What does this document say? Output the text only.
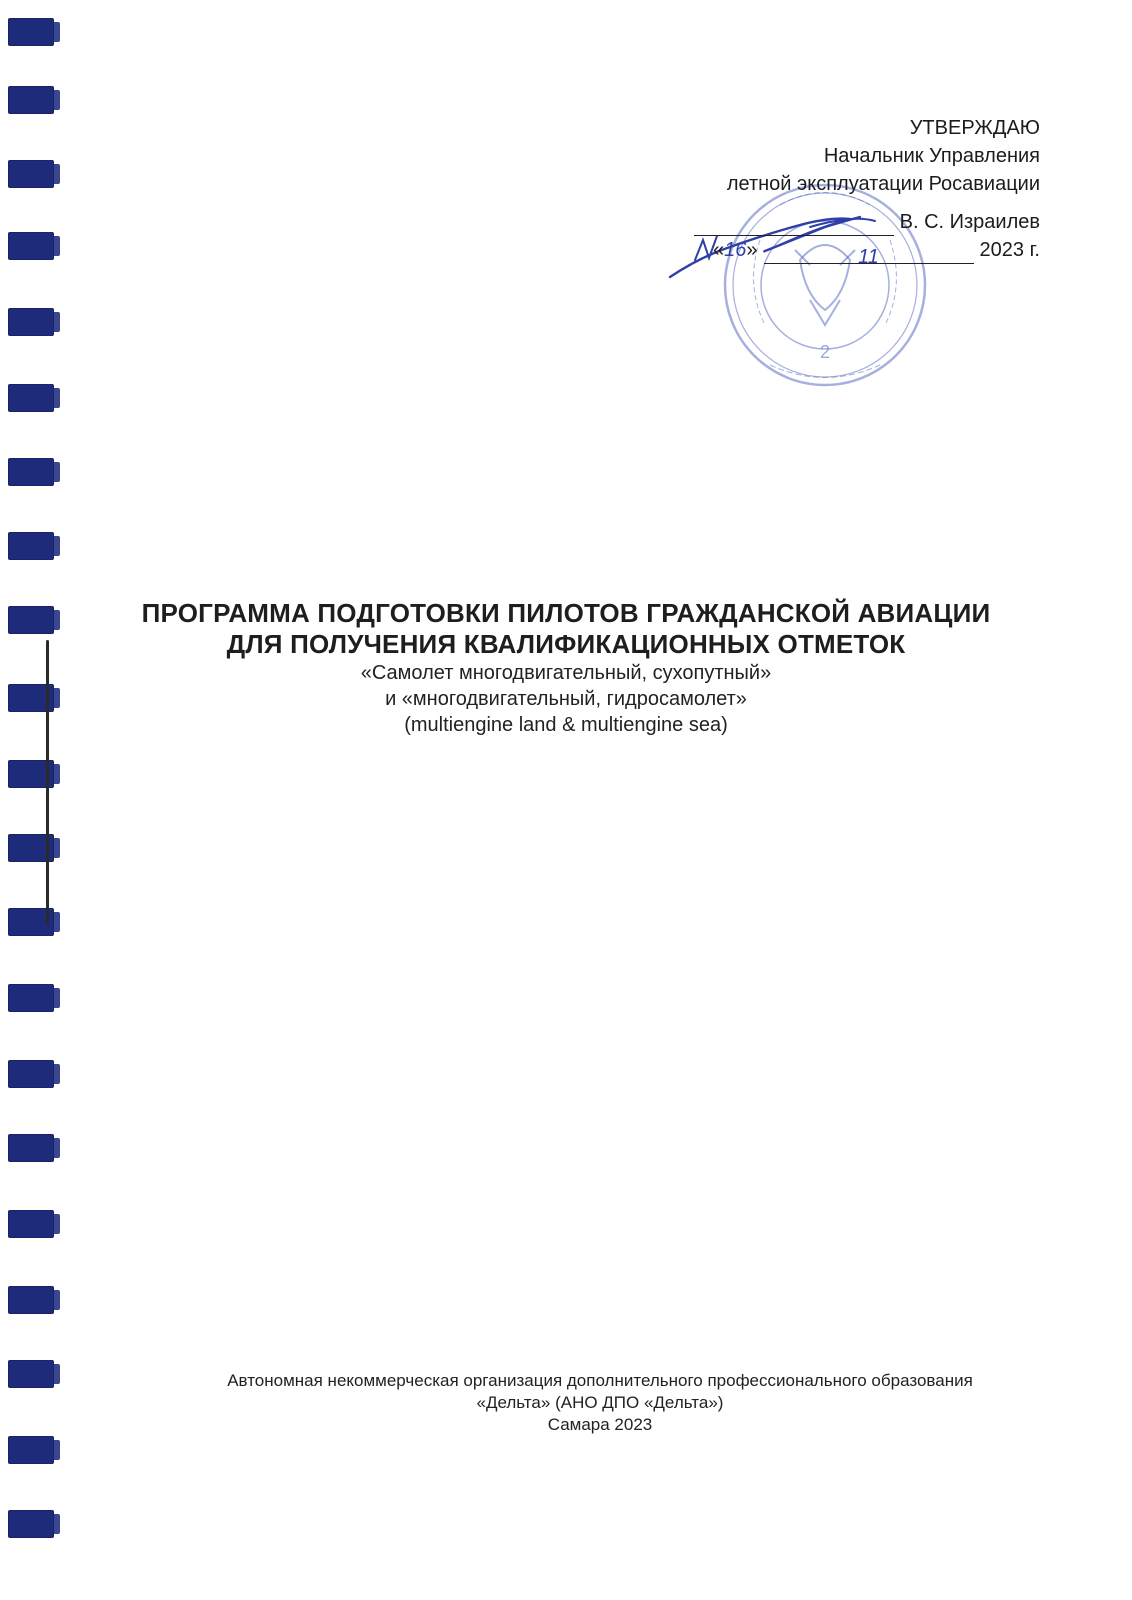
2
УТВЕРЖДАЮ
Начальник Управления
летной эксплуатации Росавиации
В. С. Израилев
«16»	11	2023 г.
ПРОГРАММА ПОДГОТОВКИ ПИЛОТОВ ГРАЖДАНСКОЙ АВИАЦИИ
ДЛЯ ПОЛУЧЕНИЯ КВАЛИФИКАЦИОННЫХ ОТМЕТОК
«Самолет многодвигательный, сухопутный»
и «многодвигательный, гидросамолет»
(multiengine land & multiengine sea)
Автономная некоммерческая организация дополнительного профессионального образования
«Дельта» (АНО ДПО «Дельта»)
Самара 2023
